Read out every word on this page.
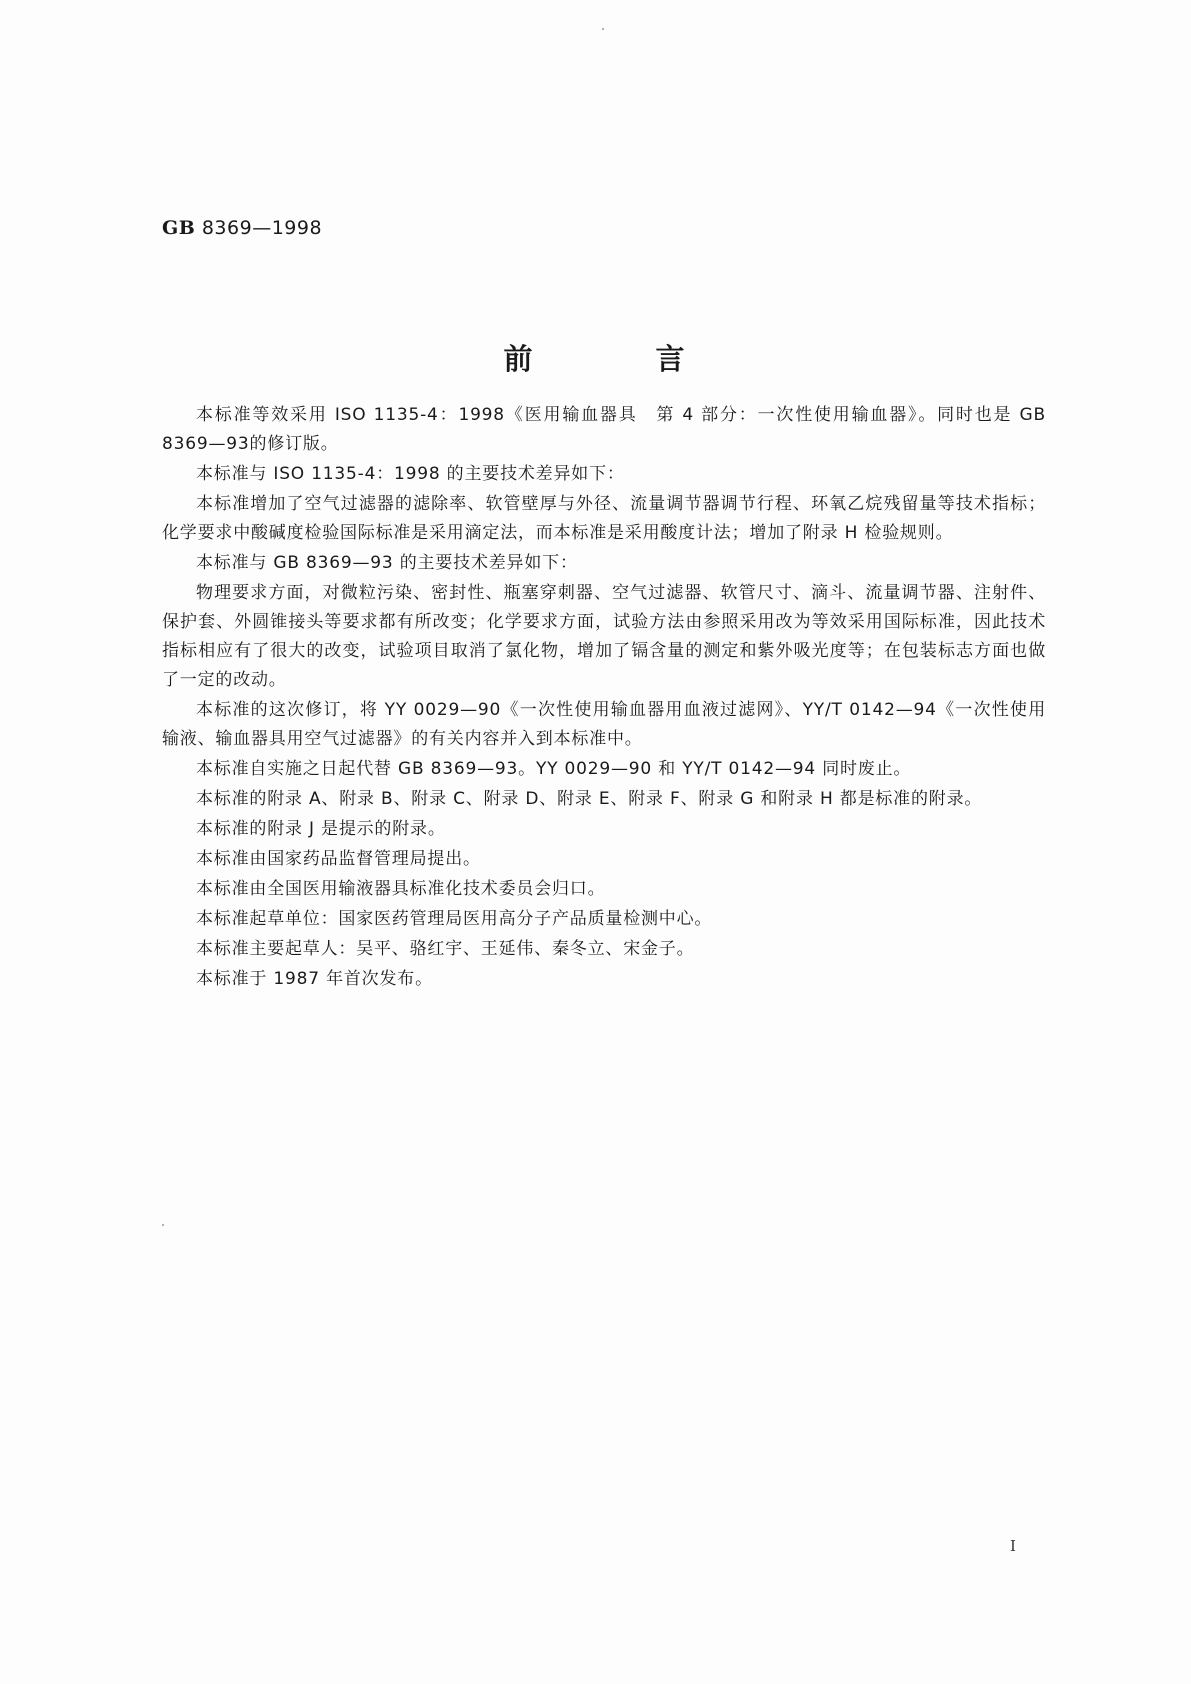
GB 8369—1998
前	言

本标准等效采用 ISO 1135-4：1998《医用输血器具　第 4 部分：一次性使用输血器》。同时也是 GB 8369—93的修订版。

本标准与 ISO 1135-4：1998 的主要技术差异如下：

本标准增加了空气过滤器的滤除率、软管壁厚与外径、流量调节器调节行程、环氧乙烷残留量等技术指标；化学要求中酸碱度检验国际标准是采用滴定法，而本标准是采用酸度计法；增加了附录 H 检验规则。

本标准与 GB 8369—93 的主要技术差异如下：

物理要求方面，对微粒污染、密封性、瓶塞穿刺器、空气过滤器、软管尺寸、滴斗、流量调节器、注射件、保护套、外圆锥接头等要求都有所改变；化学要求方面，试验方法由参照采用改为等效采用国际标准，因此技术指标相应有了很大的改变，试验项目取消了氯化物，增加了镉含量的测定和紫外吸光度等；在包装标志方面也做了一定的改动。

本标准的这次修订，将 YY 0029—90《一次性使用输血器用血液过滤网》、YY/T 0142—94《一次性使用输液、输血器具用空气过滤器》的有关内容并入到本标准中。

本标准自实施之日起代替 GB 8369—93。YY 0029—90 和 YY/T 0142—94 同时废止。

本标准的附录 A、附录 B、附录 C、附录 D、附录 E、附录 F、附录 G 和附录 H 都是标准的附录。

本标准的附录 J 是提示的附录。

本标准由国家药品监督管理局提出。

本标准由全国医用输液器具标准化技术委员会归口。

本标准起草单位：国家医药管理局医用高分子产品质量检测中心。

本标准主要起草人：吴平、骆红宇、王延伟、秦冬立、宋金子。

本标准于 1987 年首次发布。

I
